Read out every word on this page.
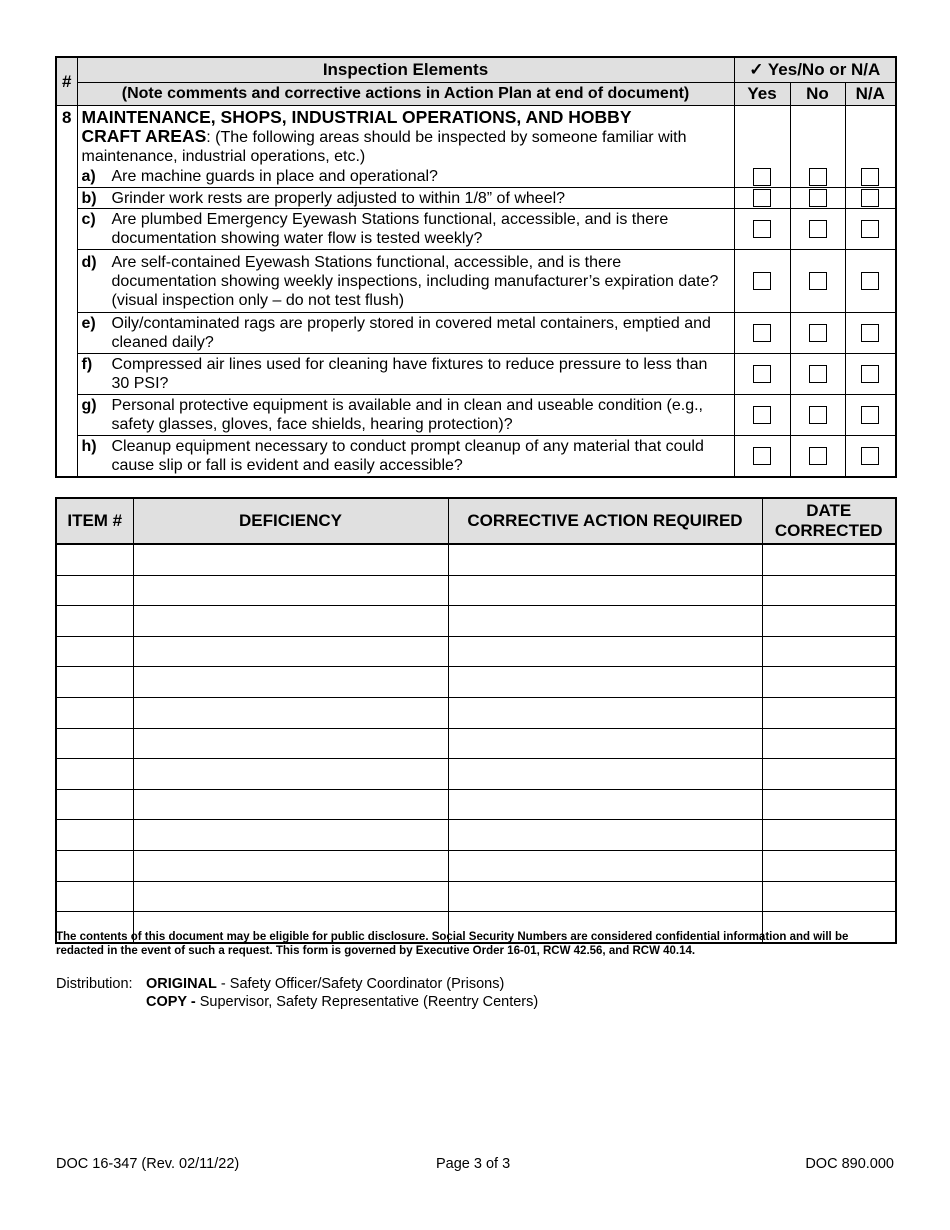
#	Inspection Elements	✓ Yes/No or N/A		
	(Note comments and corrective actions in Action Plan at end of document)	Yes	No	N/A
8	MAINTENANCE, SHOPS, INDUSTRIAL OPERATIONS, AND HOBBY
CRAFT AREAS: (The following areas should be inspected by someone familiar with maintenance, industrial operations, etc.)			

	a) Are machine guards in place and operational?			
	b) Grinder work rests are properly adjusted to within 1/8” of wheel?			
	c) Are plumbed Emergency Eyewash Stations functional, accessible, and is there documentation showing water flow is tested weekly?			
	d) Are self-contained Eyewash Stations functional, accessible, and is there documentation showing weekly inspections, including manufacturer’s expiration date? (visual inspection only – do not test flush)			
	e) Oily/contaminated rags are properly stored in covered metal containers, emptied and cleaned daily?			
	f) Compressed air lines used for cleaning have fixtures to reduce pressure to less than 30 PSI?			
	g) Personal protective equipment is available and in clean and useable condition (e.g., safety glasses, gloves, face shields, hearing protection)?			
	h) Cleanup equipment necessary to conduct prompt cleanup of any material that could cause slip or fall is evident and easily accessible?			
ITEM #	DEFICIENCY	CORRECTIVE ACTION REQUIRED	DATE
CORRECTED

The contents of this document may be eligible for public disclosure. Social Security Numbers are considered confidential information and will be redacted in the event of such a request. This form is governed by Executive Order 16-01, RCW 42.56, and RCW 40.14.
Distribution: ORIGINAL - Safety Officer/Safety Coordinator (Prisons)
COPY - Supervisor, Safety Representative (Reentry Centers)
DOC 16-347 (Rev. 02/11/22)	Page 3 of 3	DOC 890.000
